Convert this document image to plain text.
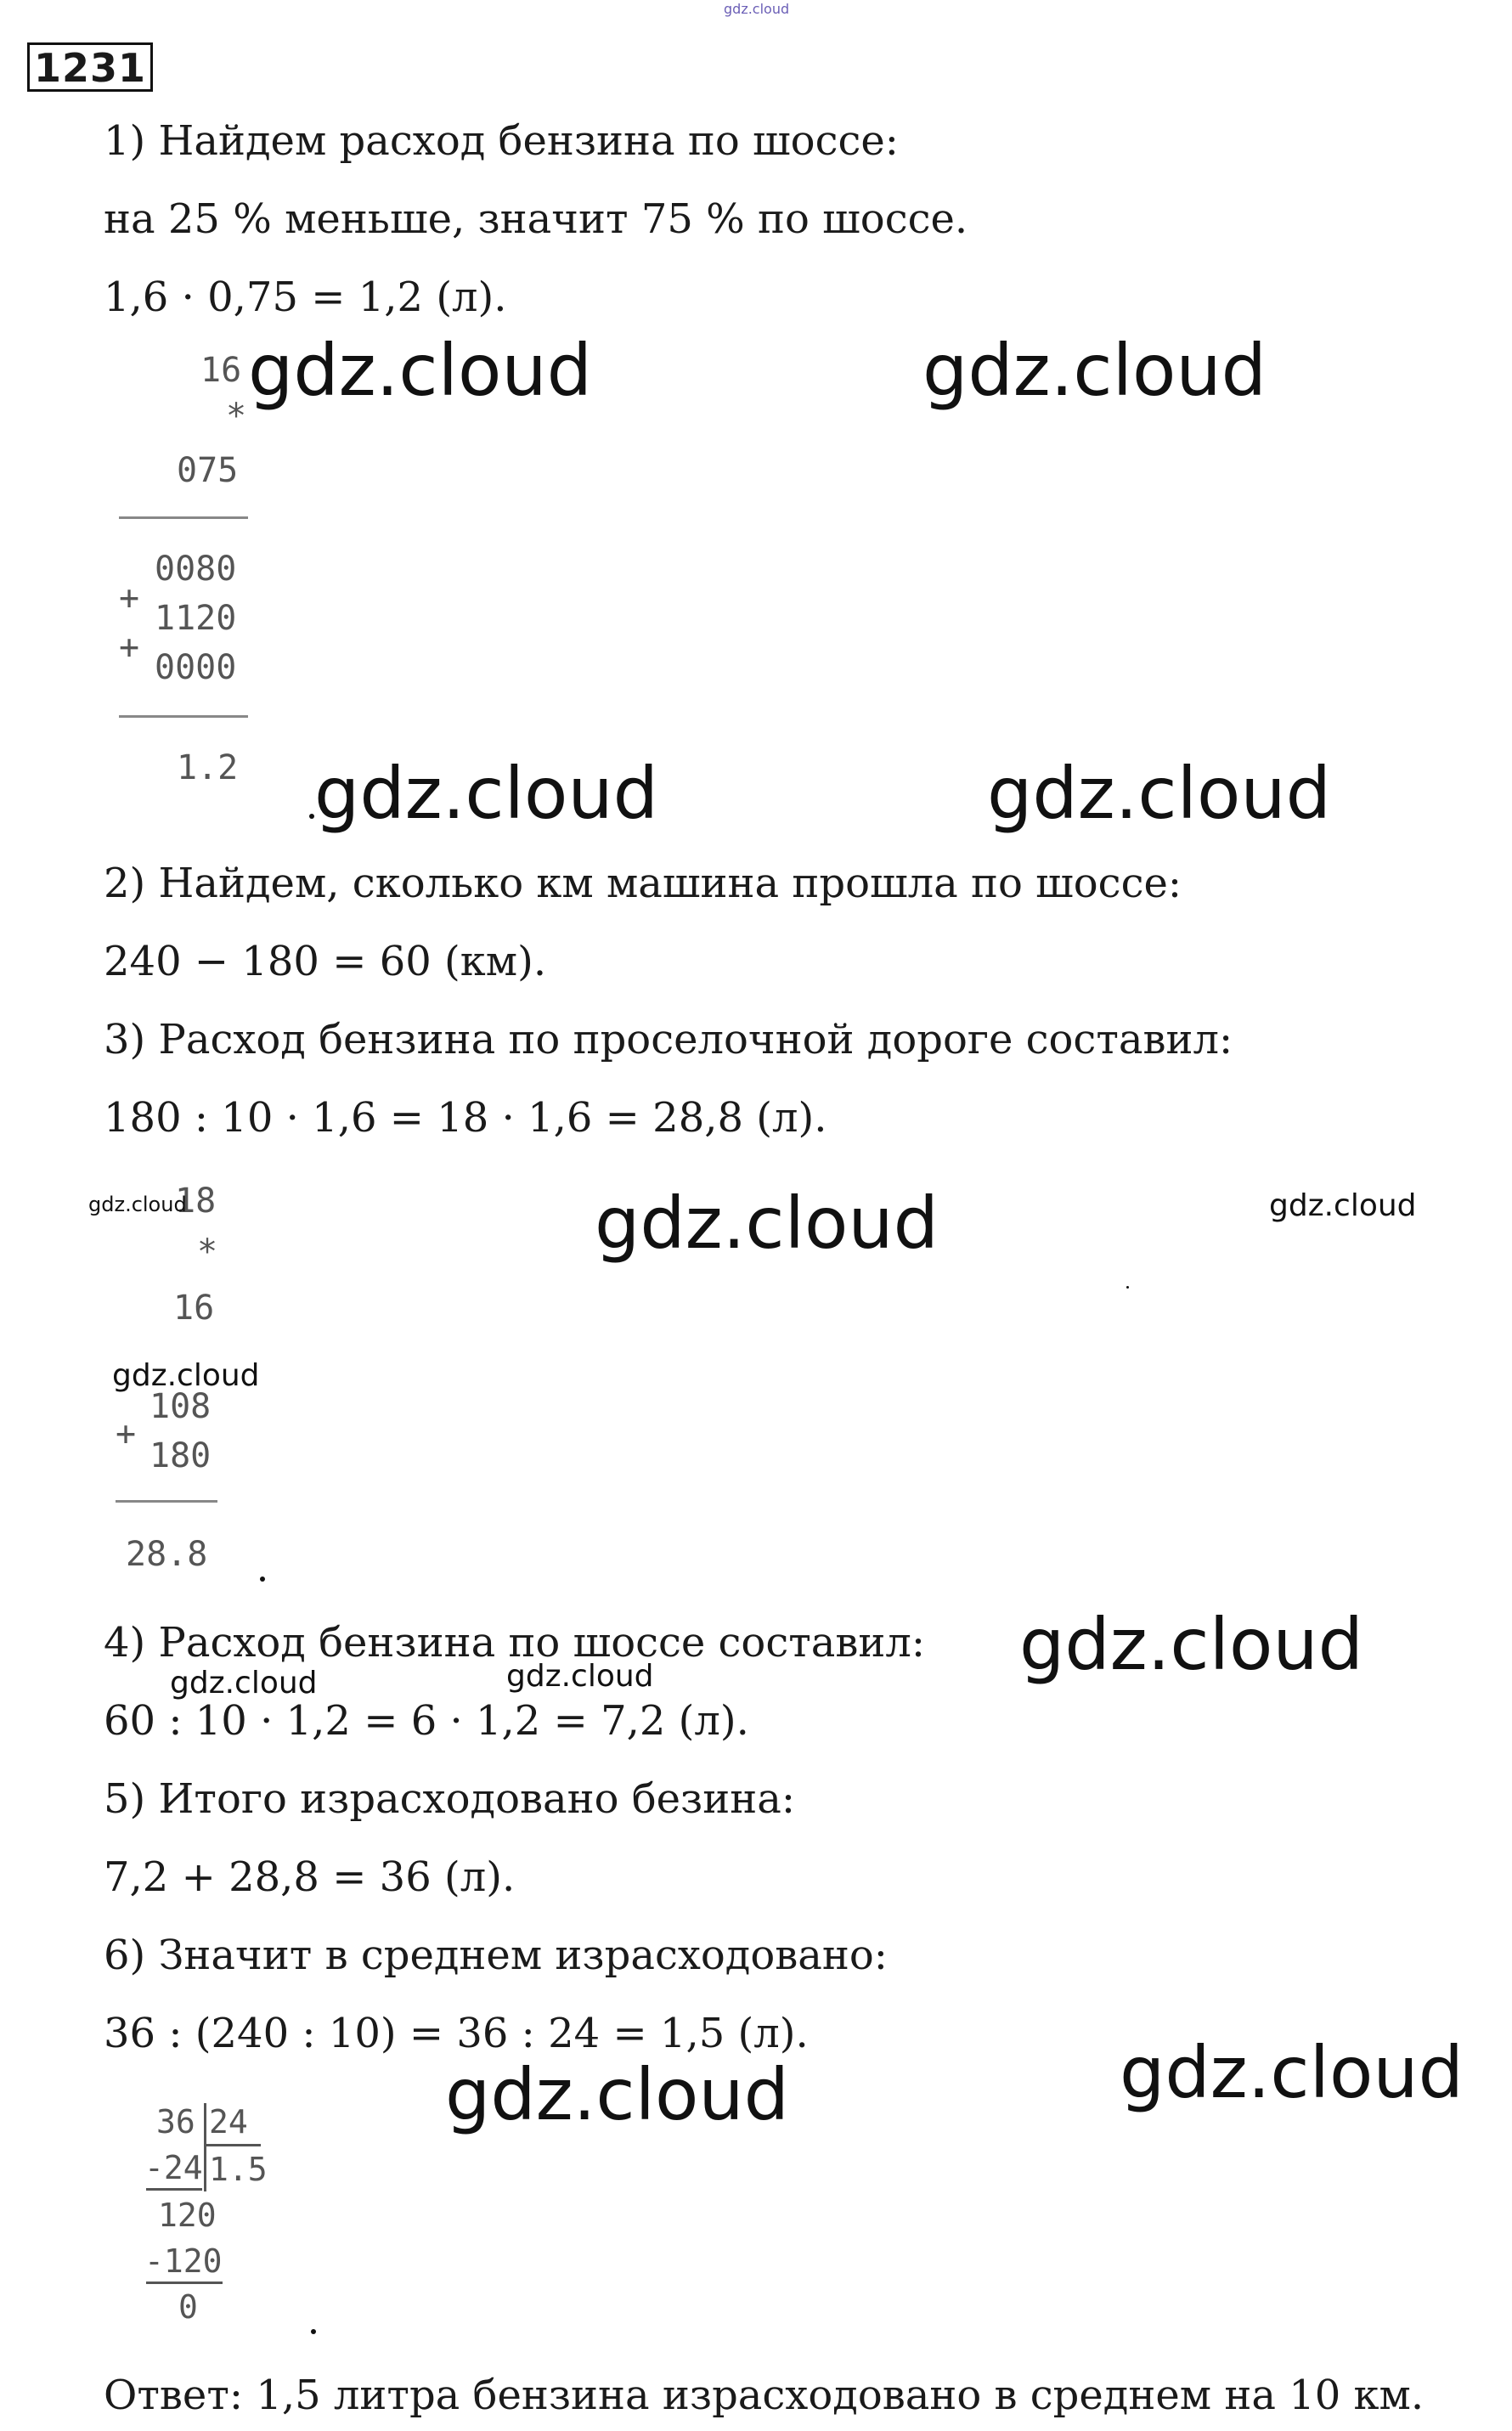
gdz.cloud
1231
1) Найдем расход бензина по шоссе:
на 25 % меньше, значит 75 % по шоссе.
1,6 · 0,75 = 1,2 (л).
16
*
075
0080
+
1120
+
0000
1.2
2) Найдем, сколько км машина прошла по шоссе:
240 − 180 = 60 (км).
3) Расход бензина по проселочной дороге составил:
180 : 10 · 1,6 = 18 · 1,6 = 28,8 (л).
18
*
16
108
+
180
28.8
4) Расход бензина по шоссе составил:
60 : 10 · 1,2 = 6 · 1,2 = 7,2 (л).
5) Итого израсходовано безина:
7,2 + 28,8 = 36 (л).
6) Значит в среднем израсходовано:
36 : (240 : 10) = 36 : 24 = 1,5 (л).
36 24
-24 1.5
120
-120
0
Ответ: 1,5 литра бензина израсходовано в среднем на 10 км.
gdz.cloud	gdz.cloud
gdz.cloud	gdz.cloud
gdz.cloud	gdz.cloud	gdz.cloud
gdz.cloud
gdz.cloud
gdz.cloud	gdz.cloud
gdz.cloud	gdz.cloud
